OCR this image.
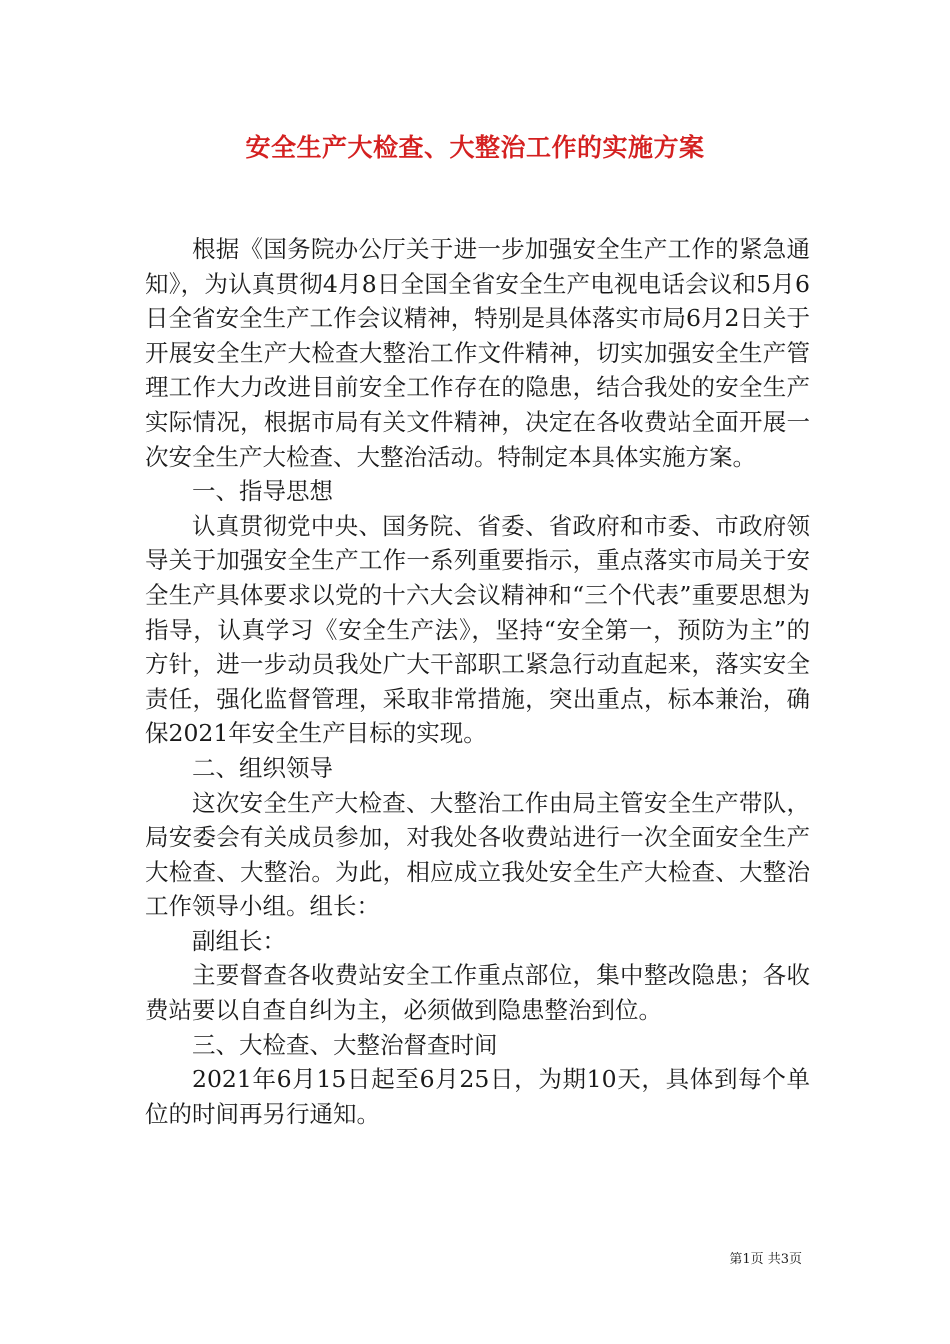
安全生产大检查、大整治工作的实施方案

根据《国务院办公厅关于进一步加强安全生产工作的紧急通知》，为认真贯彻4月8日全国全省安全生产电视电话会议和5月6日全省安全生产工作会议精神，特别是具体落实市局6月2日关于开展安全生产大检查大整治工作文件精神，切实加强安全生产管理工作大力改进目前安全工作存在的隐患，结合我处的安全生产实际情况，根据市局有关文件精神，决定在各收费站全面开展一次安全生产大检查、大整治活动。特制定本具体实施方案。

一、指导思想

认真贯彻党中央、国务院、省委、省政府和市委、市政府领导关于加强安全生产工作一系列重要指示，重点落实市局关于安全生产具体要求以党的十六大会议精神和“三个代表”重要思想为指导，认真学习《安全生产法》，坚持“安全第一，预防为主”的方针，进一步动员我处广大干部职工紧急行动直起来，落实安全责任，强化监督管理，采取非常措施，突出重点，标本兼治，确保2021年安全生产目标的实现。

二、组织领导

这次安全生产大检查、大整治工作由局主管安全生产带队，局安委会有关成员参加，对我处各收费站进行一次全面安全生产大检查、大整治。为此，相应成立我处安全生产大检查、大整治工作领导小组。组长：

副组长：

主要督查各收费站安全工作重点部位，集中整改隐患；各收费站要以自查自纠为主，必须做到隐患整治到位。

三、大检查、大整治督查时间

2021年6月15日起至6月25日，为期10天，具体到每个单位的时间再另行通知。

第1页 共3页
